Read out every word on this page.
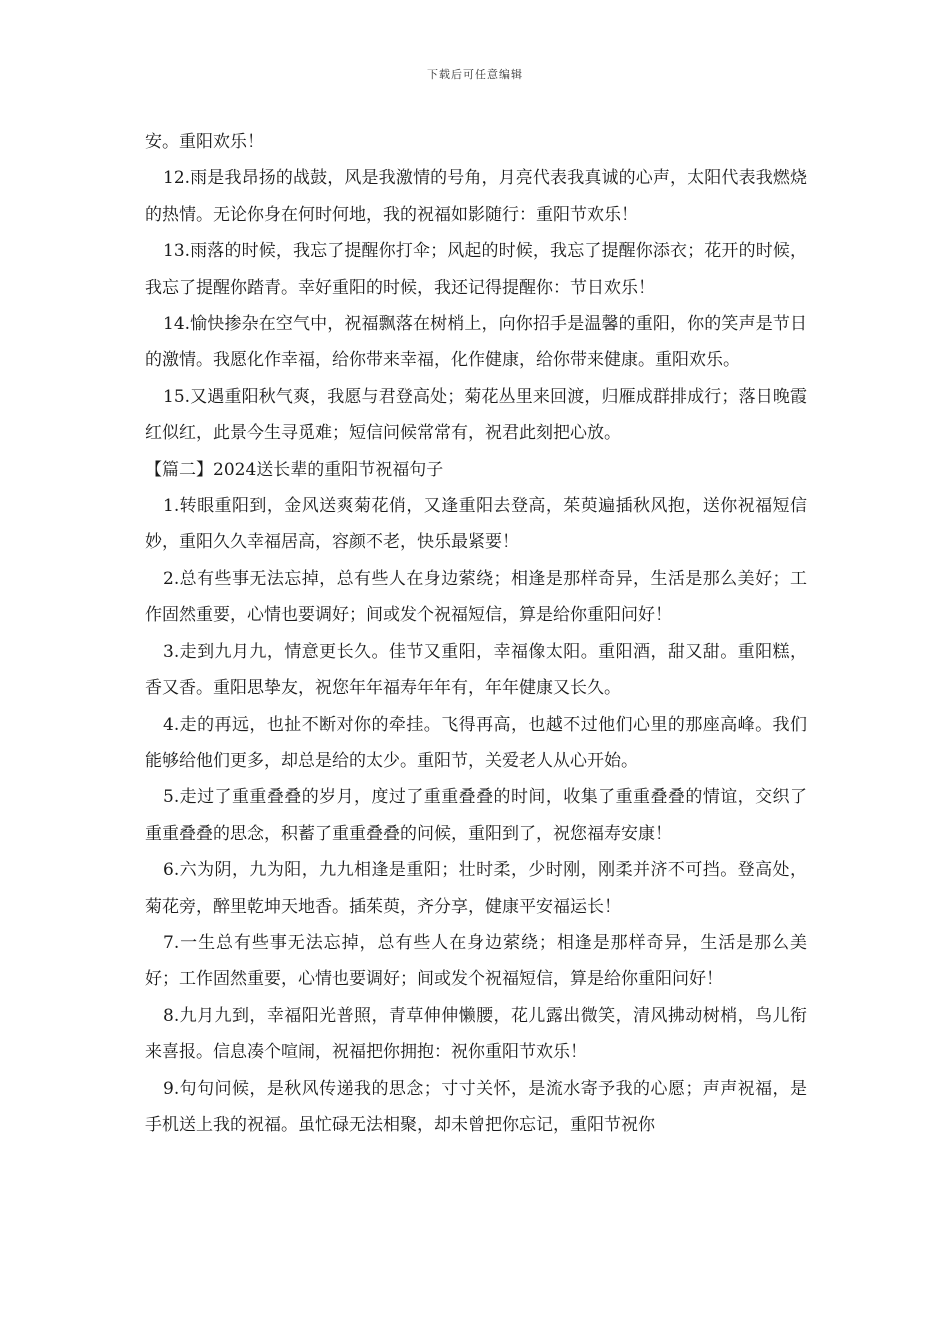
下载后可任意编辑

安。重阳欢乐！

12.雨是我昂扬的战鼓，风是我激情的号角，月亮代表我真诚的心声，太阳代表我燃烧的热情。无论你身在何时何地，我的祝福如影随行：重阳节欢乐！

13.雨落的时候，我忘了提醒你打伞；风起的时候，我忘了提醒你添衣；花开的时候，我忘了提醒你踏青。幸好重阳的时候，我还记得提醒你：节日欢乐！

14.愉快掺杂在空气中，祝福飘落在树梢上，向你招手是温馨的重阳，你的笑声是节日的激情。我愿化作幸福，给你带来幸福，化作健康，给你带来健康。重阳欢乐。

15.又遇重阳秋气爽，我愿与君登高处；菊花丛里来回渡，归雁成群排成行；落日晚霞红似红，此景今生寻觅难；短信问候常常有，祝君此刻把心放。

【篇二】2024送长辈的重阳节祝福句子

1.转眼重阳到，金风送爽菊花俏，又逢重阳去登高，茱萸遍插秋风抱，送你祝福短信妙，重阳久久幸福居高，容颜不老，快乐最紧要！

2.总有些事无法忘掉，总有些人在身边萦绕；相逢是那样奇异，生活是那么美好；工作固然重要，心情也要调好；间或发个祝福短信，算是给你重阳问好！

3.走到九月九，情意更长久。佳节又重阳，幸福像太阳。重阳酒，甜又甜。重阳糕，香又香。重阳思挚友，祝您年年福寿年年有，年年健康又长久。

4.走的再远，也扯不断对你的牵挂。飞得再高，也越不过他们心里的那座高峰。我们能够给他们更多，却总是给的太少。重阳节，关爱老人从心开始。

5.走过了重重叠叠的岁月，度过了重重叠叠的时间，收集了重重叠叠的情谊，交织了重重叠叠的思念，积蓄了重重叠叠的问候，重阳到了，祝您福寿安康！

6.六为阴，九为阳，九九相逢是重阳；壮时柔，少时刚，刚柔并济不可挡。登高处，菊花旁，醉里乾坤天地香。插茱萸，齐分享，健康平安福运长！

7.一生总有些事无法忘掉，总有些人在身边萦绕；相逢是那样奇异，生活是那么美好；工作固然重要，心情也要调好；间或发个祝福短信，算是给你重阳问好！

8.九月九到，幸福阳光普照，青草伸伸懒腰，花儿露出微笑，清风拂动树梢，鸟儿衔来喜报。信息凑个喧闹，祝福把你拥抱：祝你重阳节欢乐！

9.句句问候，是秋风传递我的思念；寸寸关怀，是流水寄予我的心愿；声声祝福，是手机送上我的祝福。虽忙碌无法相聚，却未曾把你忘记，重阳节祝你
